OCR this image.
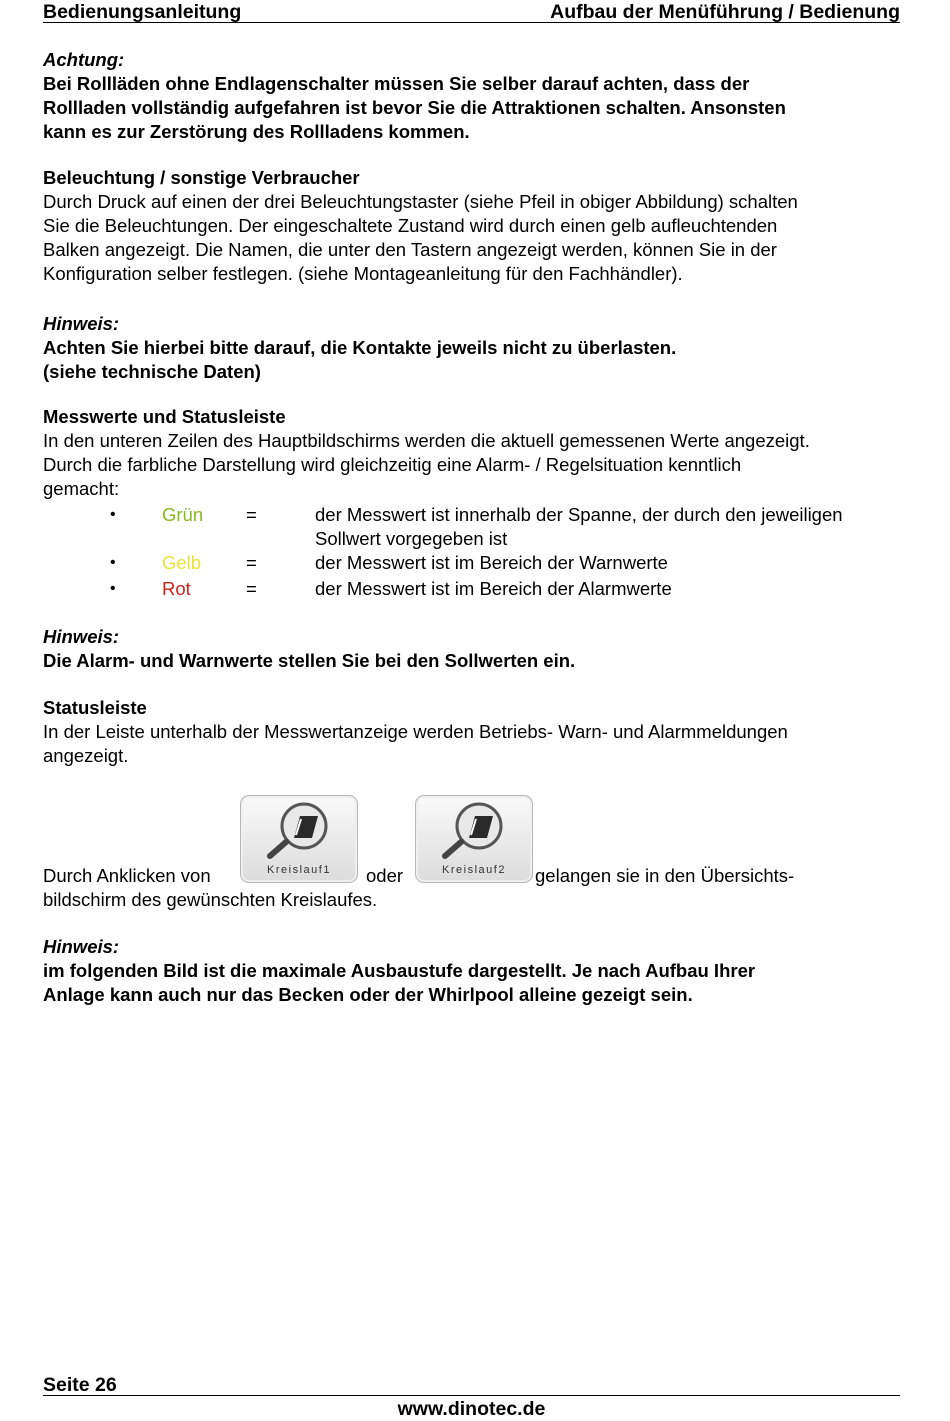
Bedienungsanleitung	Aufbau der Menüführung / Bedienung

Achtung:

Bei Rollläden ohne Endlagenschalter müssen Sie selber darauf achten, dass der

Rollladen vollständig aufgefahren ist bevor Sie die Attraktionen schalten. Ansonsten

kann es zur Zerstörung des Rollladens kommen.

Beleuchtung / sonstige Verbraucher

Durch Druck auf einen der drei Beleuchtungstaster (siehe Pfeil in obiger Abbildung) schalten

Sie die Beleuchtungen. Der eingeschaltete Zustand wird durch einen gelb aufleuchtenden

Balken angezeigt. Die Namen, die unter den Tastern angezeigt werden, können Sie in der

Konfiguration selber festlegen. (siehe Montageanleitung für den Fachhändler).

Hinweis:

Achten Sie hierbei bitte darauf, die Kontakte jeweils nicht zu überlasten.

(siehe technische Daten)

Messwerte und Statusleiste

In den unteren Zeilen des Hauptbildschirms werden die aktuell gemessenen Werte angezeigt.

Durch die farbliche Darstellung wird gleichzeitig eine Alarm- / Regelsituation kenntlich

gemacht:

•	Grün =	der Messwert ist innerhalb der Spanne, der durch den jeweiligen
Sollwert vorgegeben ist
•	Gelb =	der Messwert ist im Bereich der Warnwerte
•	Rot	=	der Messwert ist im Bereich der Alarmwerte

Hinweis:

Die Alarm- und Warnwerte stellen Sie bei den Sollwerten ein.

Statusleiste

In der Leiste unterhalb der Messwertanzeige werden Betriebs- Warn- und Alarmmeldungen

angezeigt.

Kreislauf1	Kreislauf2
Durch Anklicken von	oder	gelangen sie in den Übersichts-
bildschirm des gewünschten Kreislaufes.

Hinweis:

im folgenden Bild ist die maximale Ausbaustufe dargestellt. Je nach Aufbau Ihrer

Anlage kann auch nur das Becken oder der Whirlpool alleine gezeigt sein.

Seite 26
www.dinotec.de
